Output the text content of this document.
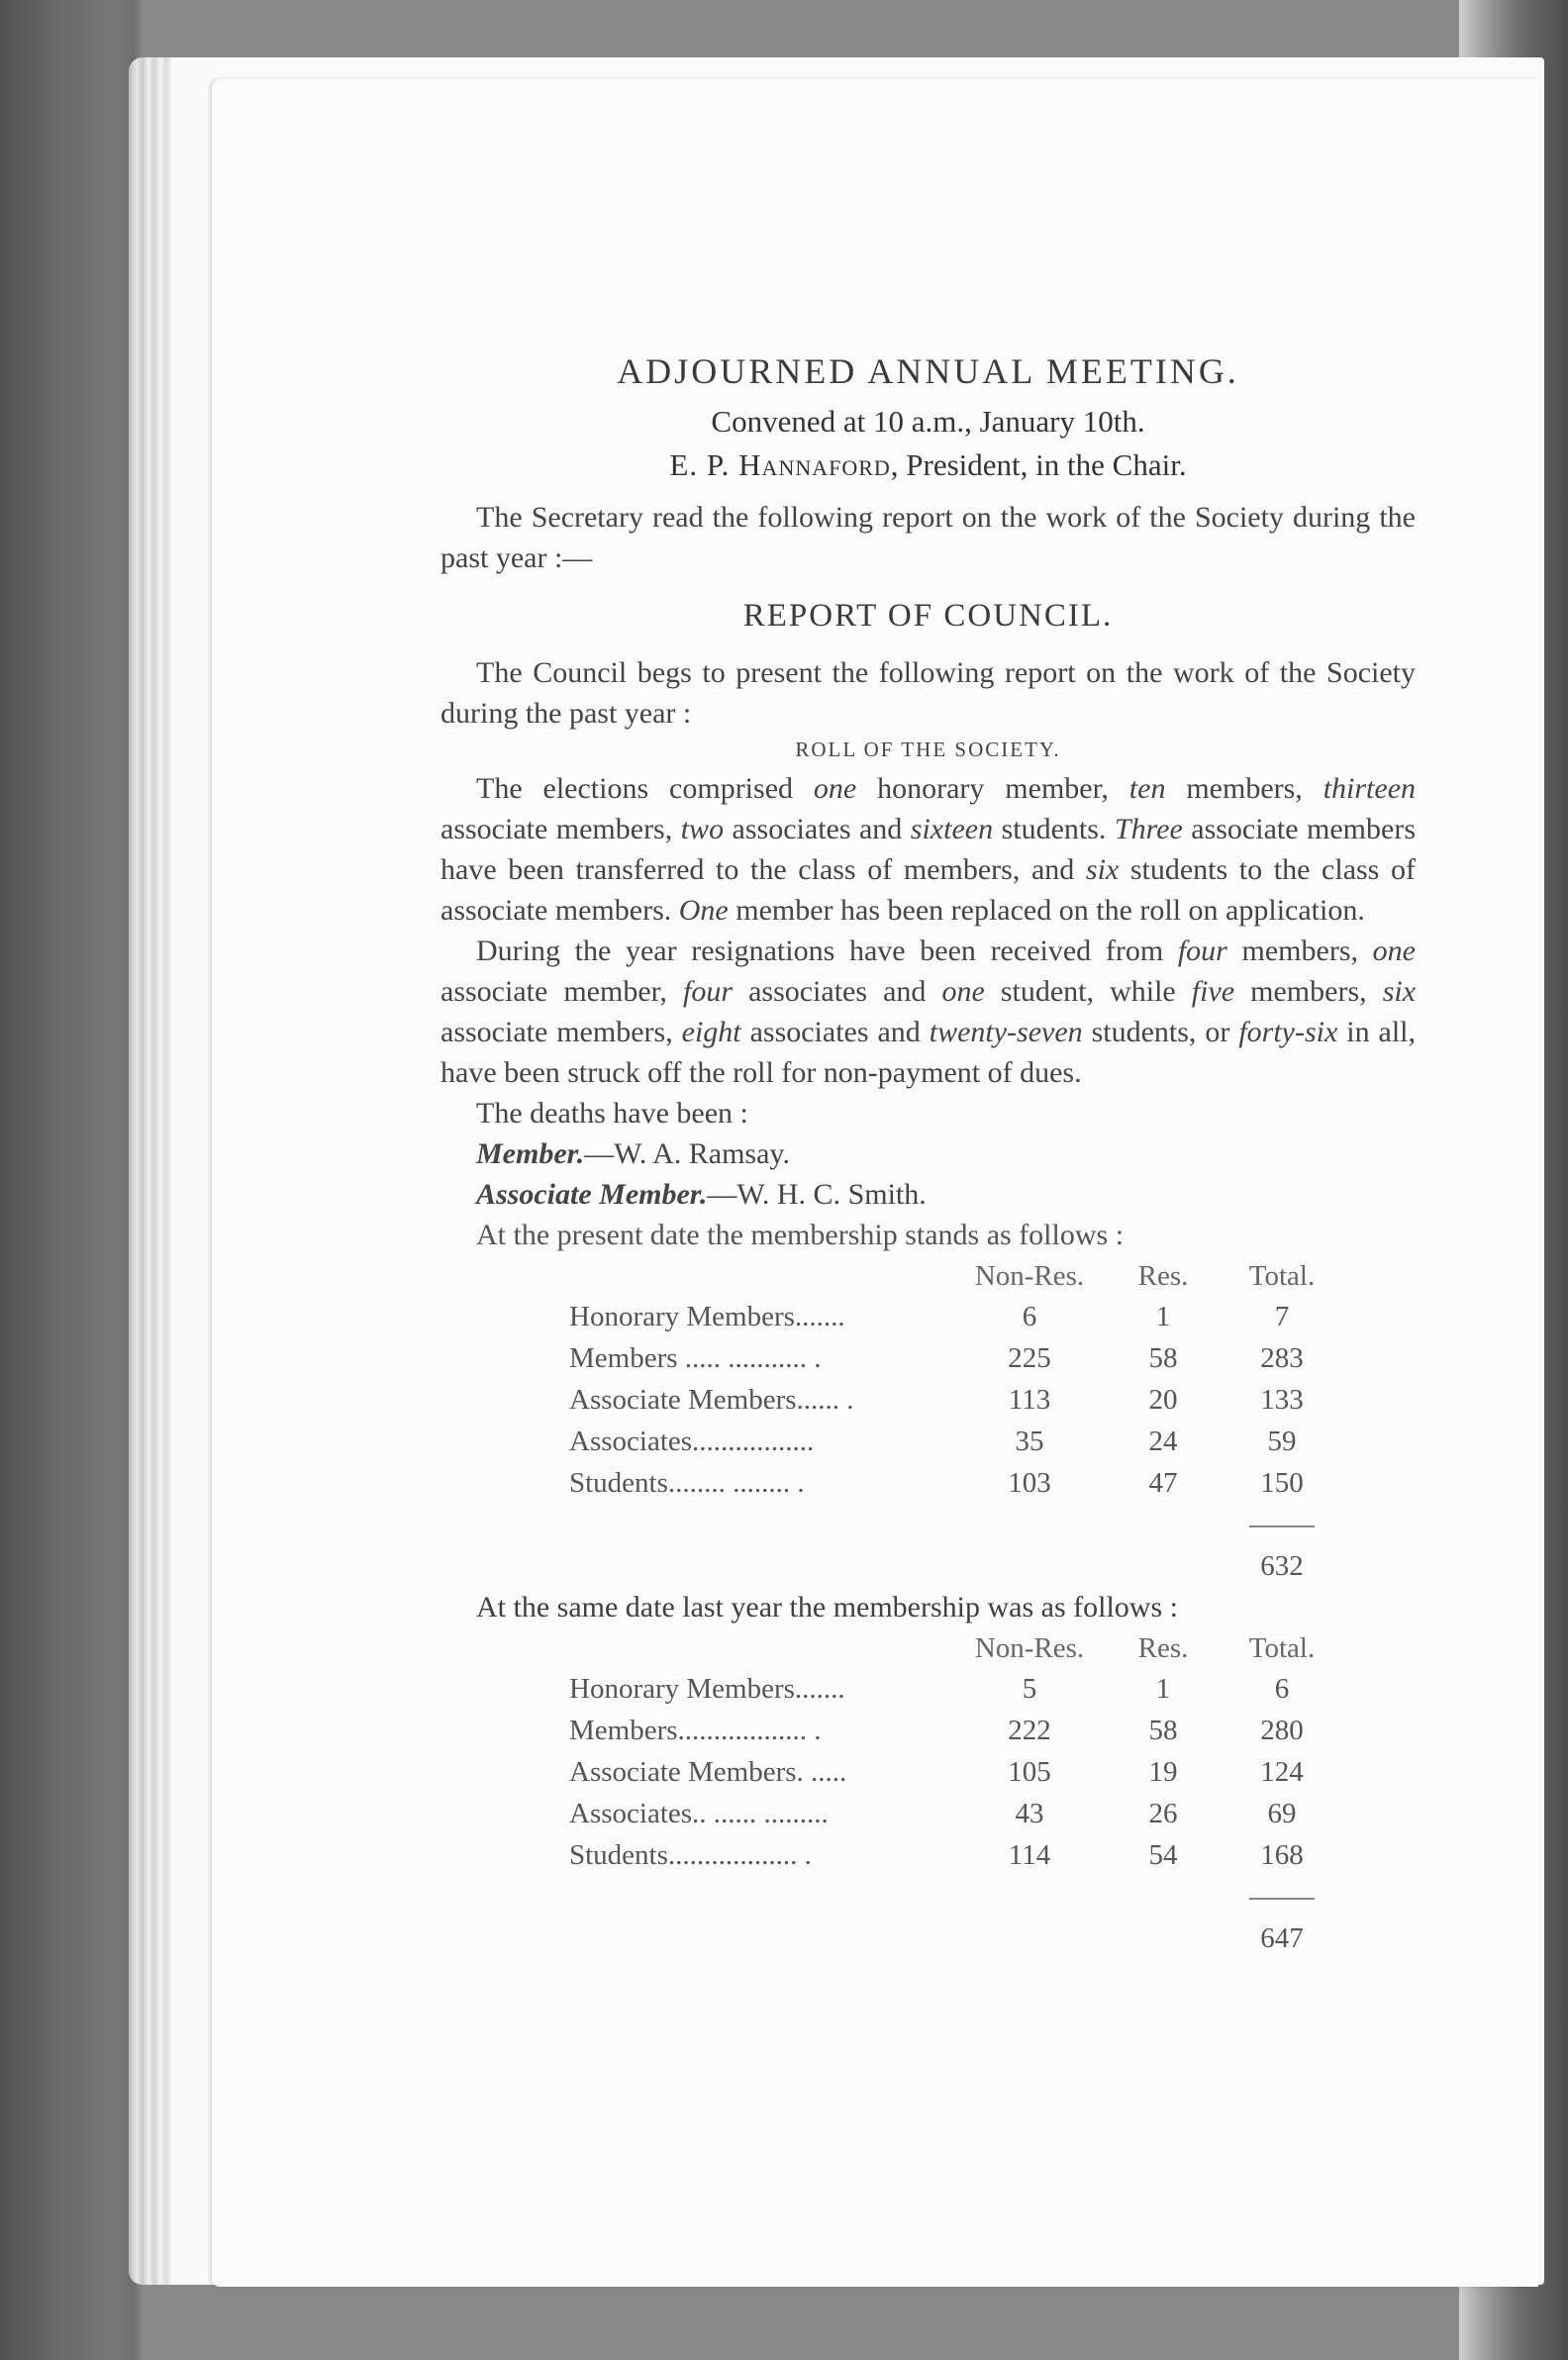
ADJOURNED ANNUAL MEETING.
Convened at 10 a.m., January 10th.
E. P. Hannaford, President, in the Chair.

The Secretary read the following report on the work of the Society during the past year :—

REPORT OF COUNCIL.

The Council begs to present the following report on the work of the Society during the past year :

ROLL OF THE SOCIETY.

The elections comprised one honorary member, ten members, thirteen associate members, two associates and sixteen students. Three associate members have been transferred to the class of members, and six students to the class of associate members. One member has been replaced on the roll on application.

During the year resignations have been received from four members, one associate member, four associates and one student, while five members, six associate members, eight associates and twenty-seven students, or forty-six in all, have been struck off the roll for non-payment of dues.

The deaths have been :
Member.—W. A. Ramsay.
Associate Member.—W. H. C. Smith.
At the present date the membership stands as follows :
	Non-Res.	Res.	Total.
Honorary Members.......	6	1	7
Members ..... ........... .	225	58	283
Associate Members...... .	113	20	133
Associates.................	35	24	59
Students........ ........ .	103	47	150

			632
At the same date last year the membership was as follows :
	Non-Res.	Res.	Total.
Honorary Members.......	5	1	6
Members.................. .	222	58	280
Associate Members. .....	105	19	124
Associates.. ...... .........	43	26	69
Students.................. .	114	54	168

			647
